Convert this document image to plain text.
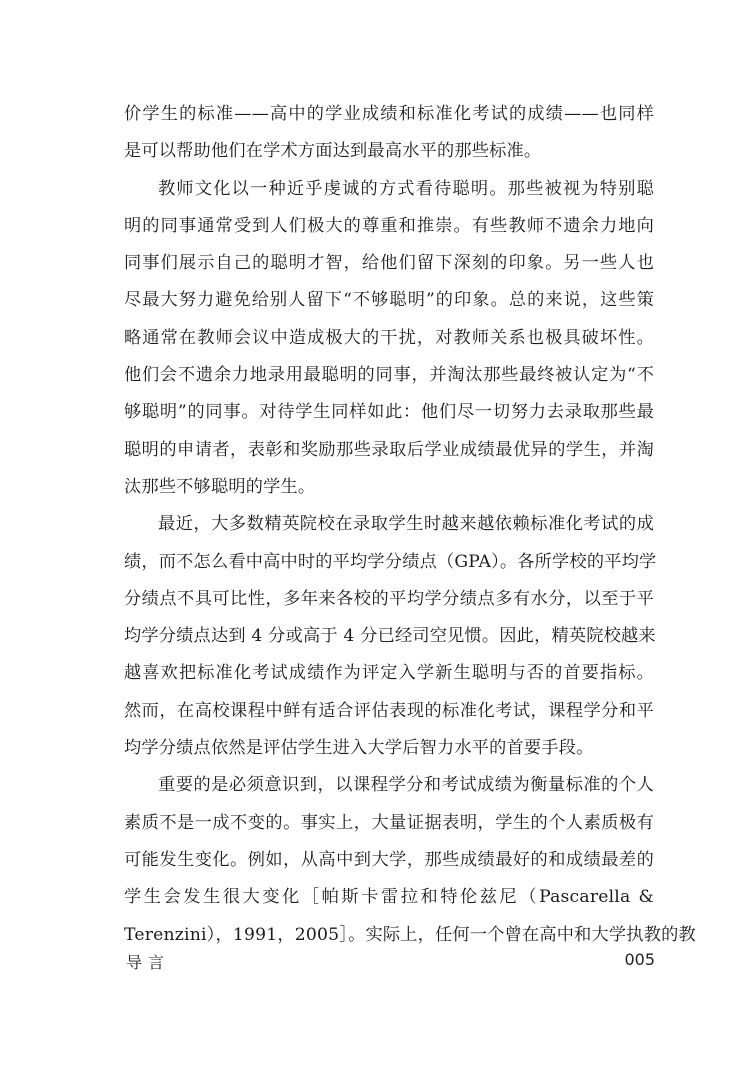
价学生的标准——高中的学业成绩和标准化考试的成绩——也同样
是可以帮助他们在学术方面达到最高水平的那些标准。
教师文化以一种近乎虔诚的方式看待聪明。那些被视为特别聪
明的同事通常受到人们极大的尊重和推崇。有些教师不遗余力地向
同事们展示自己的聪明才智，给他们留下深刻的印象。另一些人也
尽最大努力避免给别人留下“不够聪明”的印象。总的来说，这些策
略通常在教师会议中造成极大的干扰，对教师关系也极具破坏性。
他们会不遗余力地录用最聪明的同事，并淘汰那些最终被认定为“不
够聪明”的同事。对待学生同样如此：他们尽一切努力去录取那些最
聪明的申请者，表彰和奖励那些录取后学业成绩最优异的学生，并淘
汰那些不够聪明的学生。
最近，大多数精英院校在录取学生时越来越依赖标准化考试的成
绩，而不怎么看中高中时的平均学分绩点（GPA）。各所学校的平均学
分绩点不具可比性，多年来各校的平均学分绩点多有水分，以至于平
均学分绩点达到 4 分或高于 4 分已经司空见惯。因此，精英院校越来
越喜欢把标准化考试成绩作为评定入学新生聪明与否的首要指标。
然而，在高校课程中鲜有适合评估表现的标准化考试，课程学分和平
均学分绩点依然是评估学生进入大学后智力水平的首要手段。
重要的是必须意识到，以课程学分和考试成绩为衡量标准的个人
素质不是一成不变的。事实上，大量证据表明，学生的个人素质极有
可能发生变化。例如，从高中到大学，那些成绩最好的和成绩最差的
学生会发生很大变化［帕斯卡雷拉和特伦兹尼（Pascarella &
Terenzini），1991，2005］。实际上，任何一个曾在高中和大学执教的教
导言	005
